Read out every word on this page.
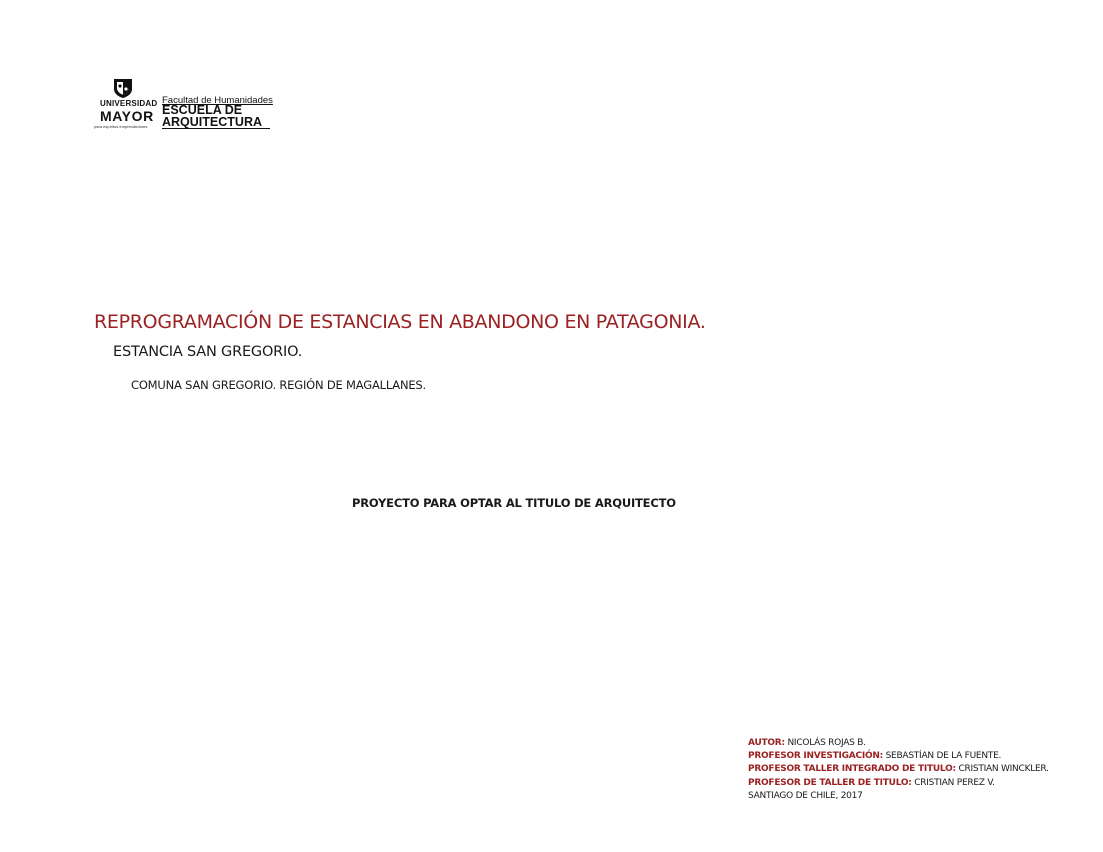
UNIVERSIDAD
MAYOR
para espíritus emprendedores
Facultad de Humanidades
ESCUELA DE
ARQUITECTURA
REPROGRAMACIÓN DE ESTANCIAS EN ABANDONO EN PATAGONIA.
ESTANCIA SAN GREGORIO.
COMUNA SAN GREGORIO. REGIÓN DE MAGALLANES.
PROYECTO PARA OPTAR AL TITULO DE ARQUITECTO
AUTOR: NICOLÁS ROJAS B.
PROFESOR INVESTIGACIÓN: SEBASTÍAN DE LA FUENTE.
PROFESOR TALLER INTEGRADO DE TITULO: CRISTIAN WINCKLER.
PROFESOR DE TALLER DE TITULO: CRISTIAN PEREZ V.
SANTIAGO DE CHILE, 2017
